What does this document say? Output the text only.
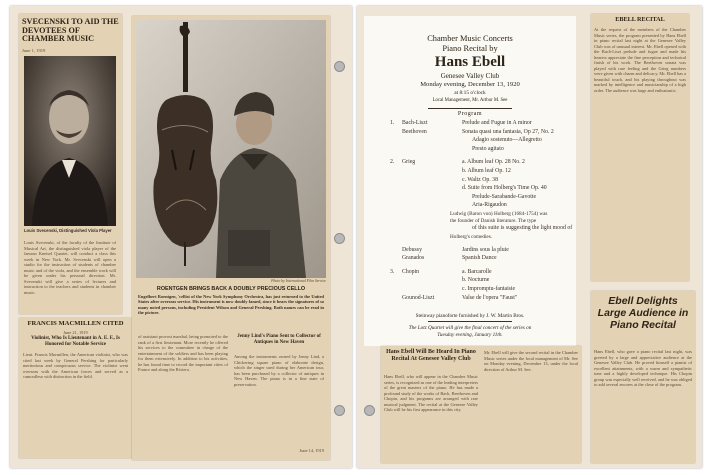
SVECENSKI TO AID THE DEVOTEES OF CHAMBER MUSIC
June 1, 1919
Louis Svecenski, Distinguished Viola Player
Louis Svecenski, of the faculty of the Institute of Musical Art, the distinguished viola player of the famous Kneisel Quartet, will conduct a class this week in New York. Mr. Svecenski will open a studio for the instruction of students of chamber music and of the viola, and the ensemble work will be given under his personal direction. Mr. Svecenski will give a series of lectures and instruction to the teachers and students in chamber music.
FRANCIS MACMILLEN CITED
June 21, 1919
Violinist, Who Is Lieutenant in A. E. F., Is Honored for Notable Service
Lieut. Francis Macmillen, the American violinist, who was cited last week by General Pershing for particularly meritorious and conspicuous service. The violinist went overseas with the American forces and served as a camoufleur with distinction in the field.
Photo by International Film Service
ROENTGEN BRINGS BACK A DOUBLY PRECIOUS CELLO
Engelbert Roentgen, 'cellist of the New York Symphony Orchestra, has just returned to the United States after overseas service. His instrument is now doubly famed, since it bears the signatures of so many noted persons, including President Wilson and General Pershing. Both names can be read in the picture.
of assistant provost marshal, being promoted to the rank of a first lieutenant. More recently he offered his services to the committee in charge of the entertainment of the soldiers and has been playing for them extensively. In addition to his activities, he has found time to record the important cities of France and along the Riviera.
Jenny Lind's Piano Sent to Collector of Antiques in New Haven
Among the instruments owned by Jenny Lind, a Chickering square piano of elaborate design, which the singer used during her American tour, has been purchased by a collector of antiques in New Haven. The piano is in a fine state of preservation.
June 14, 1919
Chamber Music Concerts
Piano Recital by
Hans Ebell
Genesee Valley Club
Monday evening, December 13, 1920
at 8:15 o'clock
Local Management, Mr. Arthur M. See
Program
1. Bach-Liszt	Prelude and Fugue in A minor
Beethoven	Sonata quasi una fantasia, Op 27, No. 2
Adagio sostenuto—Allegretto
Presto agitato
2. Grieg	a. Album leaf Op. 28 No. 2
b. Album leaf Op. 12
c. Waltz Op. 38
d. Suite from Holberg's Time Op. 40
Prelude-Sarabande-Gavotte
Aria-Rigaudon
Ludwig (Baron von) Holberg (1684-1754) was
the founder of Danish literature. The type
of this suite is suggesting the light mood of
Holberg's comedies.
Debussy	Jardins sous la pluie
Granados	Spanish Dance
3. Chopin	a. Barcarolle
b. Nocturne
c. Impromptu-fantaisie
Gounod-Liszt	Valse de l'opera "Faust"
Steinway pianoforte furnished by J. W. Martin Bros.
The Lotz Quartet will give the final concert of the series on
Tuesday evening, January 11th.
Hans Ebell Will Be Heard In Piano Recital At Genesee Valley Club
Hans Ebell, who will appear in the Chamber Music series, is recognized as one of the leading interpreters of the great masters of the piano. He has made a profound study of the works of Bach, Beethoven and Chopin, and his programs are arranged with rare musical judgment. The recital at the Genesee Valley Club will be his first appearance in this city.
Mr. Ebell will give the second recital in the Chamber Music series under the local management of Mr. See on Monday evening, December 13, under the local direction of Arthur M. See.
EBELL RECITAL
At the request of the members of the Chamber Music series, the program presented by Hans Ebell in piano recital last night at the Genesee Valley Club was of unusual interest. Mr. Ebell opened with the Bach-Liszt prelude and fugue and made his hearers appreciate the fine perception and technical finish of his work. The Beethoven sonata was played with rare feeling and the Grieg numbers were given with charm and delicacy. Mr. Ebell has a beautiful touch, and his playing throughout was marked by intelligence and musicianship of a high order. The audience was large and enthusiastic.
Ebell Delights Large Audience in Piano Recital
Hans Ebell, who gave a piano recital last night, was greeted by a large and appreciative audience at the Genesee Valley Club. He proved himself a pianist of excellent attainments, with a warm and sympathetic tone and a highly developed technique. His Chopin group was especially well received, and he was obliged to add several encores at the close of the program.
